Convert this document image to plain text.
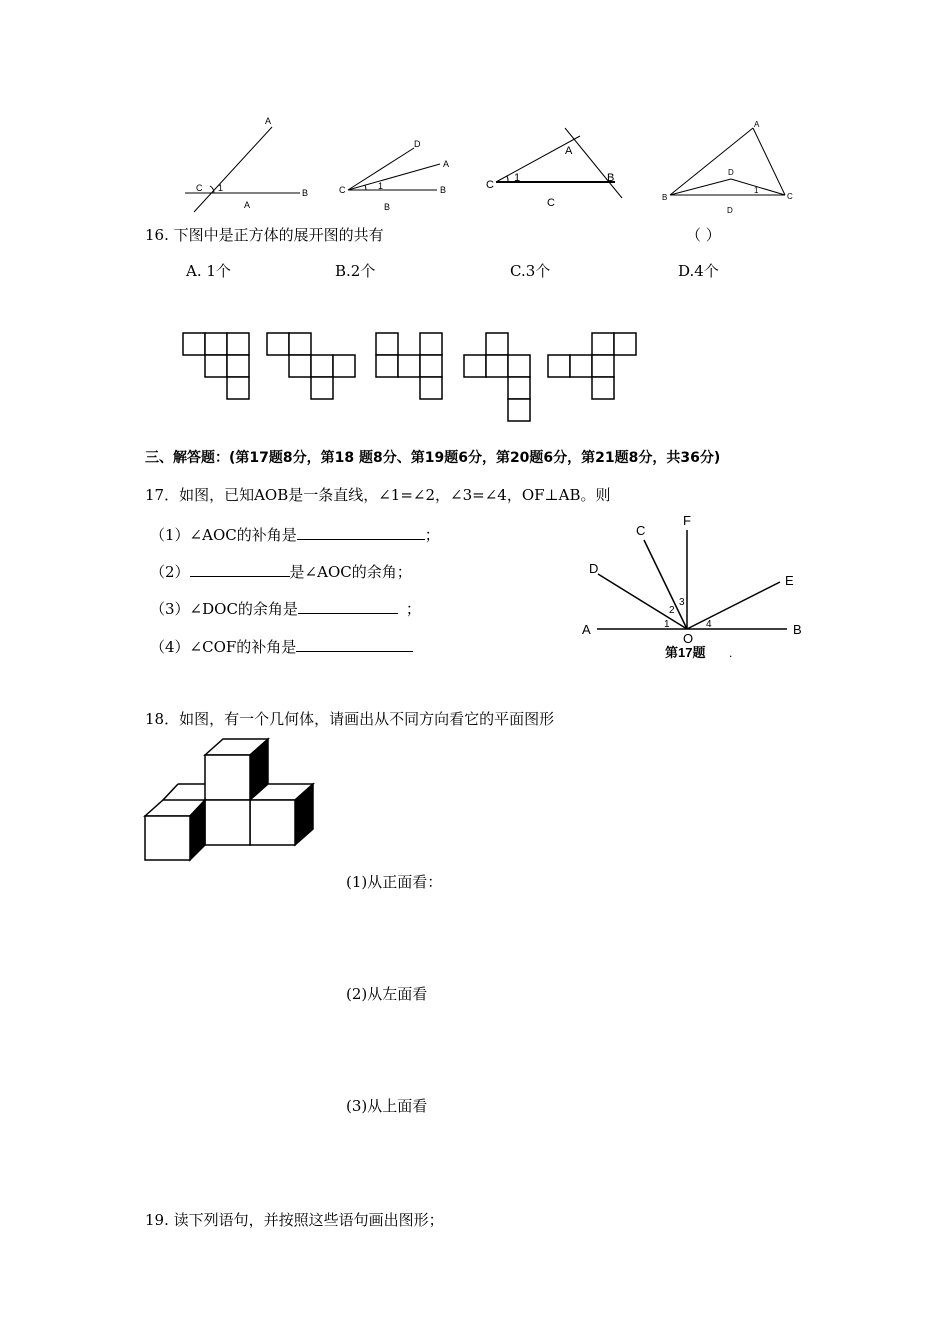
A
C 1	B
A
D
A
C	1	B
B
C
1
A
B
C
A
D
B
1
C
D
A	B
C
D
E
F
O
1
2
3
4
第17题 .
16. 下图中是正方体的展开图的共有	（ ）
A. 1个	B.2个	C.3个	D.4个
三、解答题：(第17题8分，第18 题8分、第19题6分，第20题6分，第21题8分，共36分)
17．如图，已知AOB是一条直线，∠1=∠2，∠3=∠4，OF⊥AB。则
（1）∠AOC的补角是	；
（2）	是∠AOC的余角；
（3）∠DOC的余角是	；
（4）∠COF的补角是
18．如图，有一个几何体，请画出从不同方向看它的平面图形
(1)从正面看：
(2)从左面看
(3)从上面看
19. 读下列语句，并按照这些语句画出图形；
